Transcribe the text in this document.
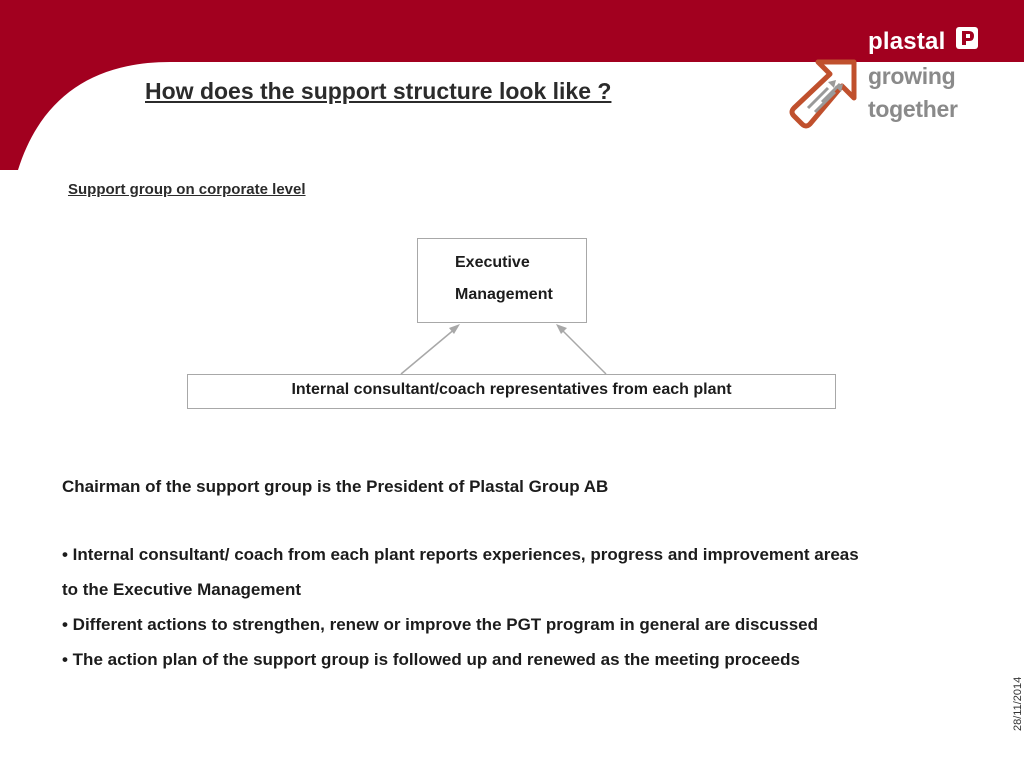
How does the support structure look like ?
plastal
growing
together
Support group on corporate level
Executive
Management
Internal consultant/coach representatives from each plant
Chairman of the support group is the President of Plastal Group AB
• Internal consultant/ coach from each plant reports experiences, progress and improvement areas
to the Executive Management
• Different actions to strengthen, renew or improve the PGT program in general are discussed
• The action plan of the support group is followed up and renewed as the meeting proceeds
28/11/2014
